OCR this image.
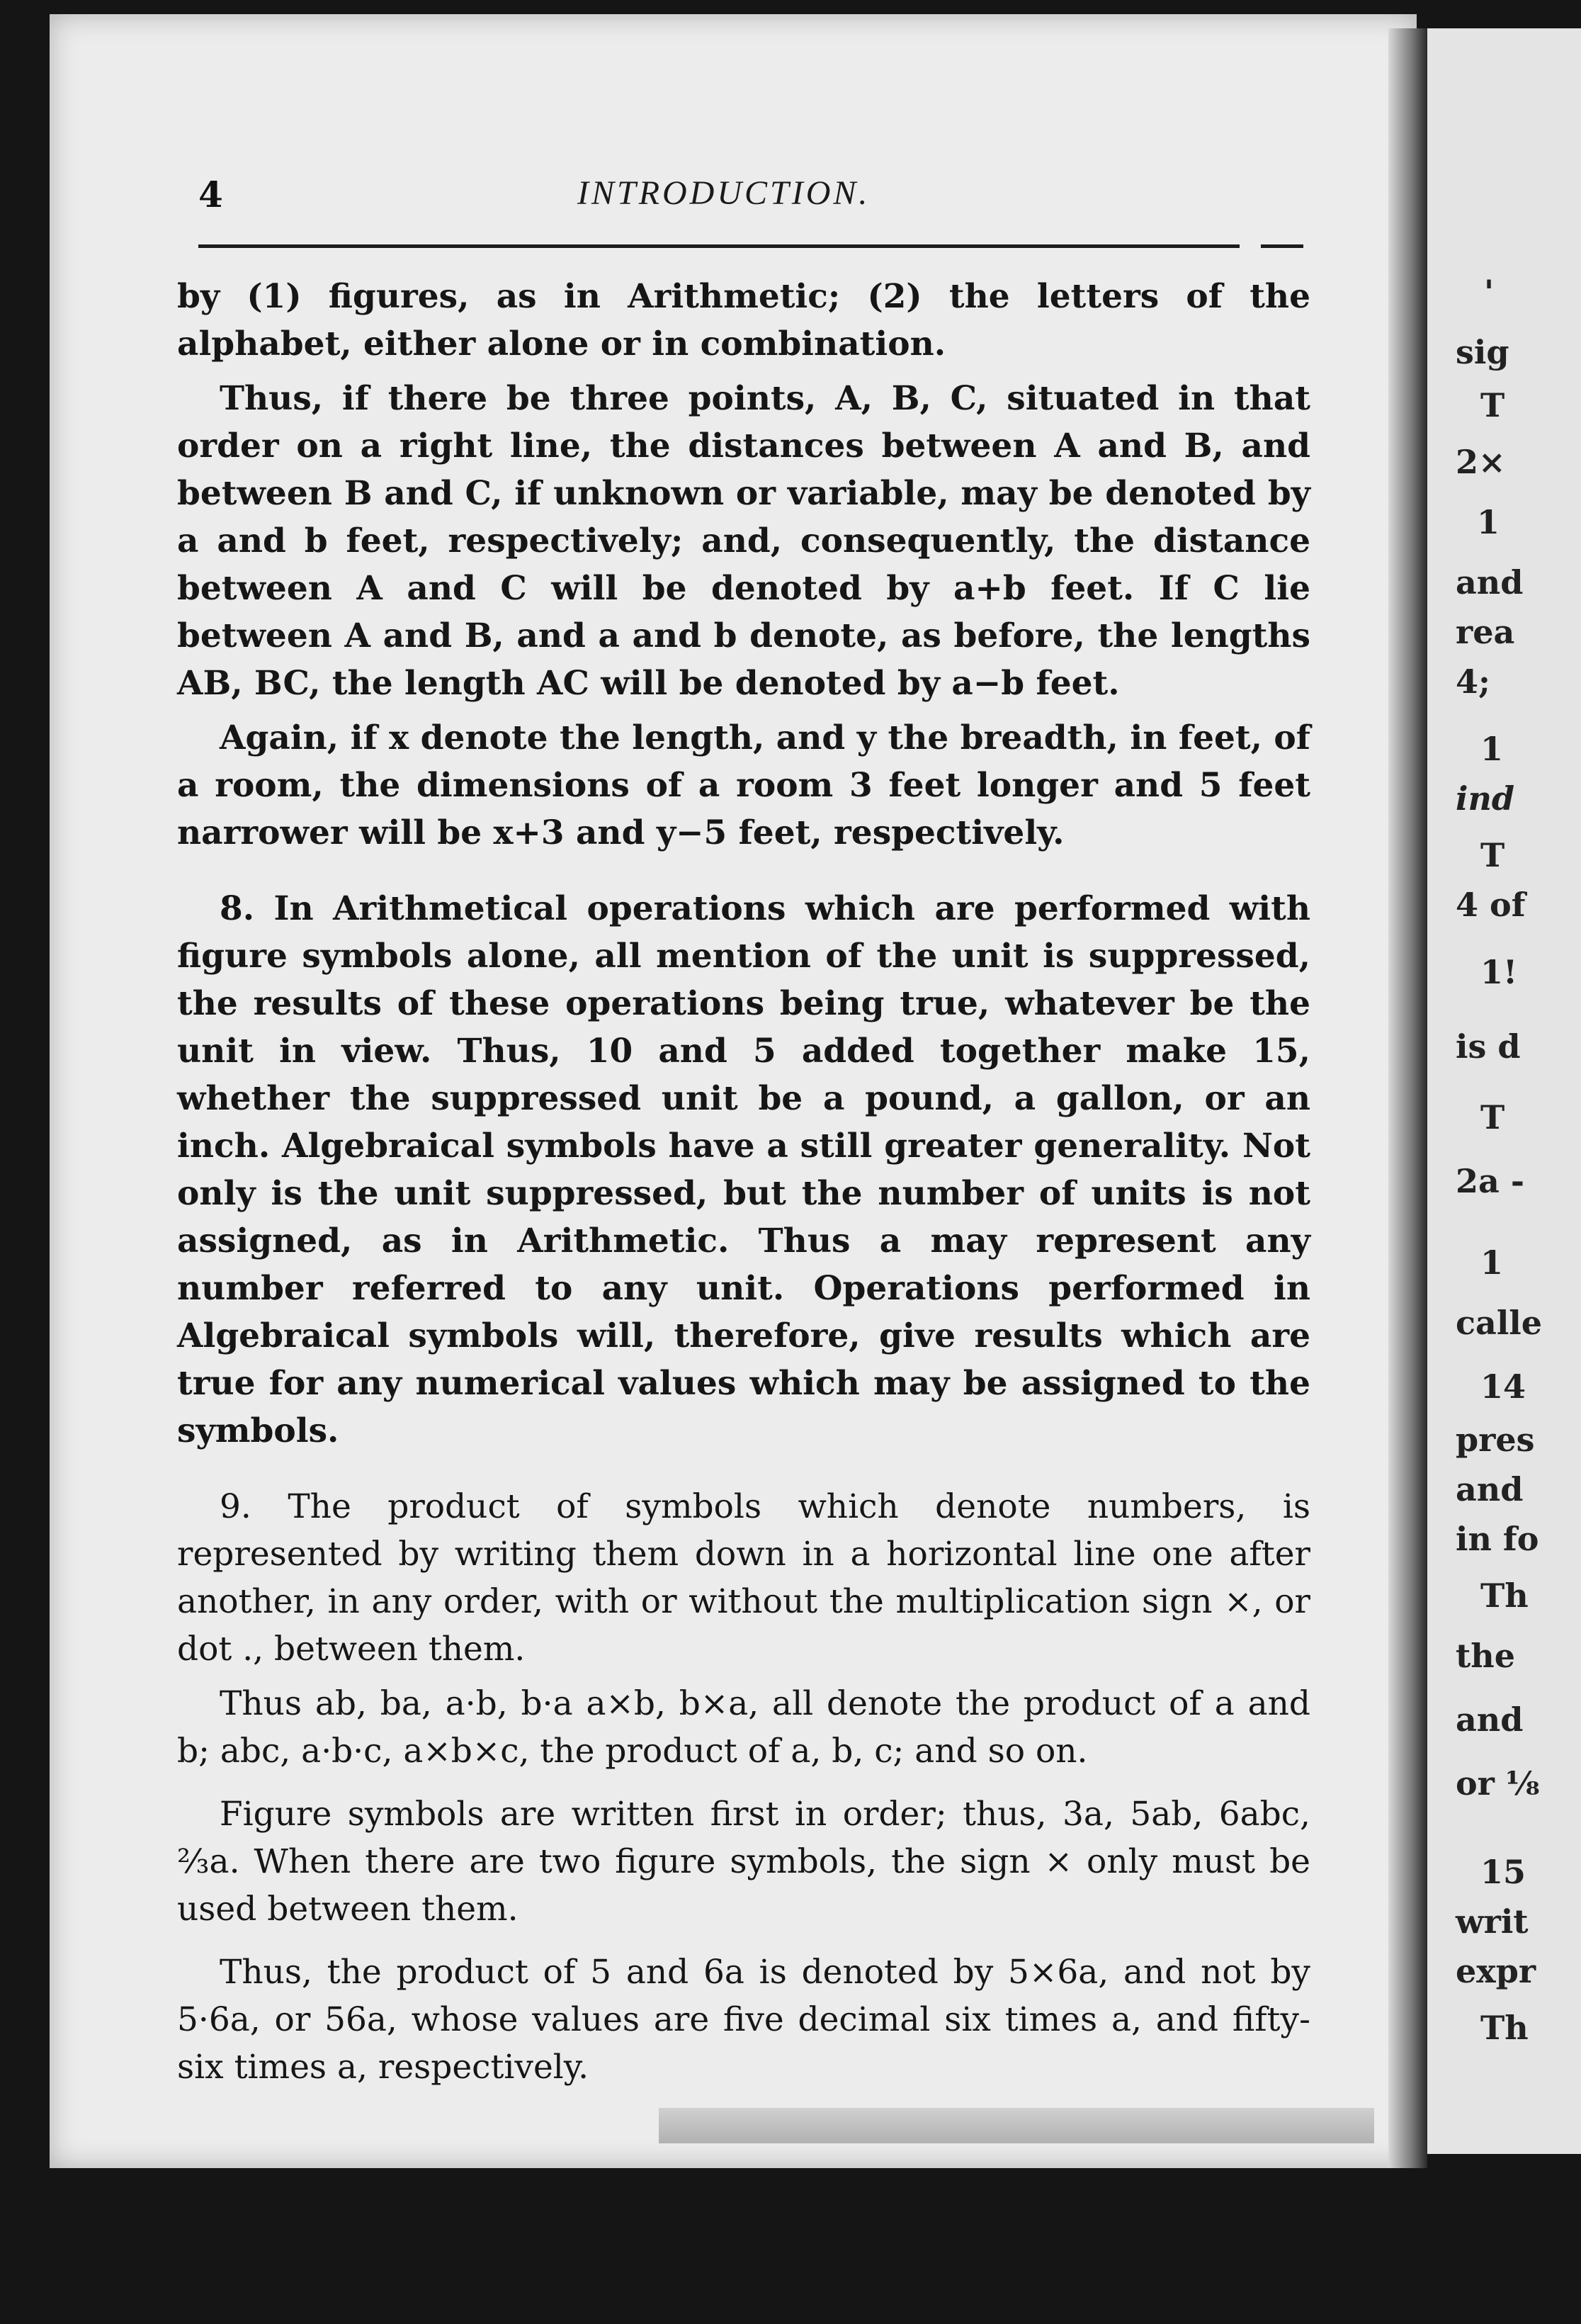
4	INTRODUCTION.

by (1) figures, as in Arithmetic; (2) the letters of the alphabet, either alone or in combination.

Thus, if there be three points, A, B, C, situated in that order on a right line, the distances between A and B, and between B and C, if unknown or variable, may be denoted by a and b feet, respectively; and, consequently, the distance between A and C will be denoted by a+b feet. If C lie between A and B, and a and b denote, as before, the lengths AB, BC, the length AC will be denoted by a−b feet.

Again, if x denote the length, and y the breadth, in feet, of a room, the dimensions of a room 3 feet longer and 5 feet narrower will be x+3 and y−5 feet, respectively.

8. In Arithmetical operations which are performed with figure symbols alone, all mention of the unit is suppressed, the results of these operations being true, whatever be the unit in view. Thus, 10 and 5 added together make 15, whether the suppressed unit be a pound, a gallon, or an inch. Algebraical symbols have a still greater generality. Not only is the unit suppressed, but the number of units is not assigned, as in Arithmetic. Thus a may represent any number referred to any unit. Operations performed in Algebraical symbols will, therefore, give results which are true for any numerical values which may be assigned to the symbols.

9. The product of symbols which denote numbers, is represented by writing them down in a horizontal line one after another, in any order, with or without the multiplication sign ×, or dot ., between them.

Thus ab, ba, a·b, b·a a×b, b×a, all denote the product of a and b; abc, a·b·c, a×b×c, the product of a, b, c; and so on.

Figure symbols are written first in order; thus, 3a, 5ab, 6abc, ⅔a. When there are two figure symbols, the sign × only must be used between them.

Thus, the product of 5 and 6a is denoted by 5×6a, and not by 5·6a, or 56a, whose values are five decimal six times a, and fifty-six times a, respectively.

'
sig
T
2×
1
and
rea
4;
1
ind
T
4 of
1!
is d
T
2a -
1
calle
14
pres
and
in fo
Th
the
and
or ⅛
15
writ
expr
Th
